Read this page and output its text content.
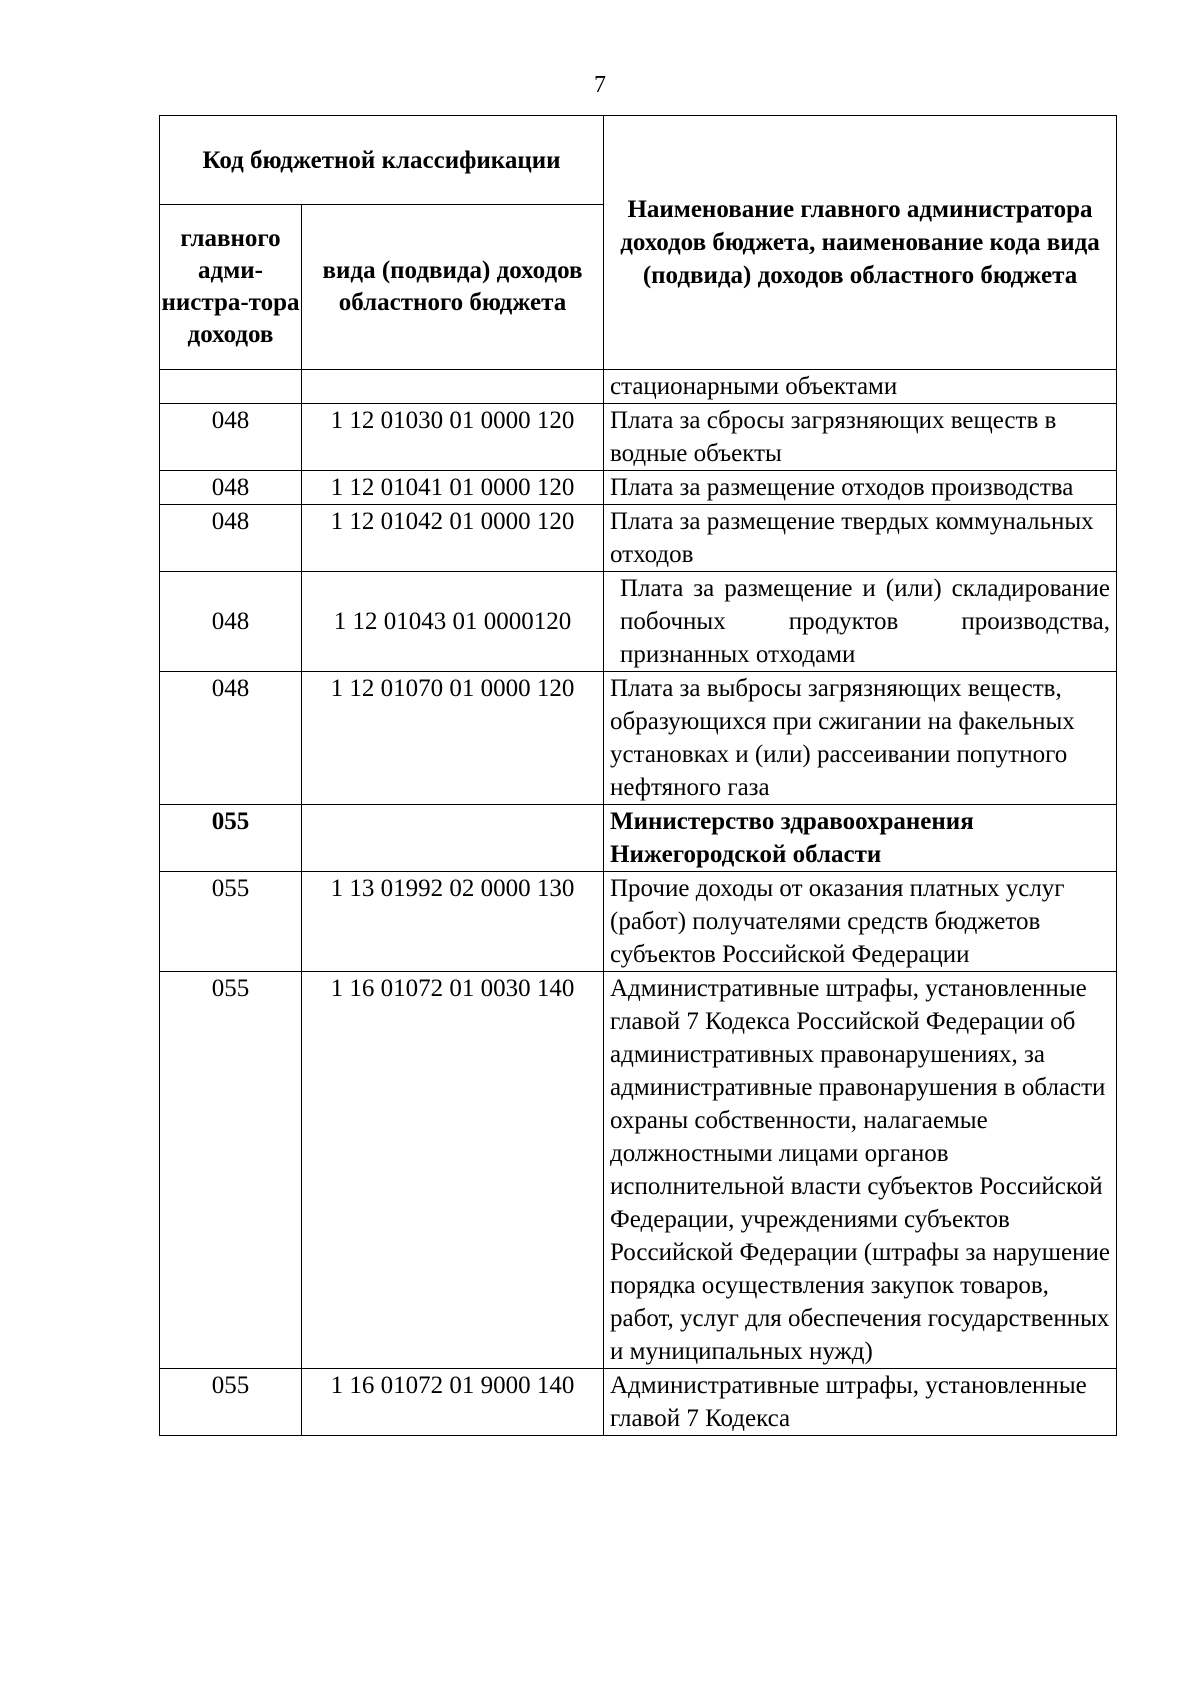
7
Код бюджетной классификации		Наименование главного администратора доходов бюджета, наименование кода вида (подвида) доходов областного бюджета
главного адми-нистра-тора доходов	вида (подвида) доходов областного бюджета	
		стационарными объектами
048	1 12 01030 01 0000 120	Плата за сбросы загрязняющих веществ в водные объекты
048	1 12 01041 01 0000 120	Плата за размещение отходов производства
048	1 12 01042 01 0000 120	Плата за размещение твердых коммунальных отходов
048	1 12 01043 01 0000120	Плата за размещение и (или) складирование побочных продуктов производства, признанных отходами
048	1 12 01070 01 0000 120	Плата за выбросы загрязняющих веществ, образующихся при сжигании на факельных установках и (или) рассеивании попутного нефтяного газа
055		Министерство здравоохранения Нижегородской области
055	1 13 01992 02 0000 130	Прочие доходы от оказания платных услуг (работ) получателями средств бюджетов субъектов Российской Федерации
055	1 16 01072 01 0030 140	Административные штрафы, установленные главой 7 Кодекса Российской Федерации об административных правонарушениях, за административные правонарушения в области охраны собственности, налагаемые должностными лицами органов исполнительной власти субъектов Российской Федерации, учреждениями субъектов Российской Федерации (штрафы за нарушение порядка осуществления закупок товаров, работ, услуг для обеспечения государственных и муниципальных нужд)
055	1 16 01072 01 9000 140	Административные штрафы, установленные главой 7 Кодекса
